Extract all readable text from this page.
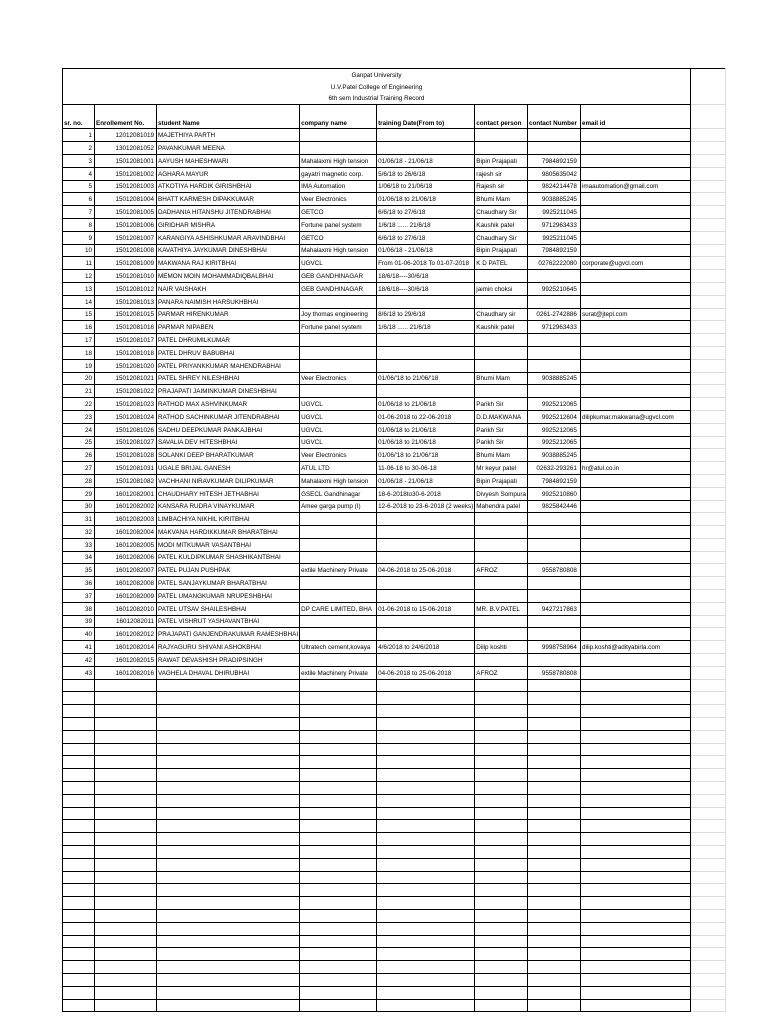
Ganpat University								
U.V.Patel College of Engineering								
6th sem Industrial Training Record								
sr. no.	Enrollement No.	student Name	company name	training Date(From to)	contact person	contact Number	email id	
1	12012081019	MAJETHIYA PARTH						
2	13012081052	PAVANKUMAR MEENA						
3	15012081001	AAYUSH MAHESHWARI	Mahalaxmi High tension	01/06/18 - 21/06/18	Bipin Prajapati	7984892159		
4	15012081002	AGHARA MAYUR	gayatri magnetic corp.	5/6/18 to 26/6/18	rajesh sir	9805635042		
5	15012081003	ATKOTIYA HARDIK GIRISHBHAI	IMA Automation	1/06/18 to 21/06/18	Rajesh sir	9824214478	imaautomation@gmail.com	
6	15012081004	BHATT KARMESH DIPAKKUMAR	Veer Electronics	01/06/18 to 21/06/18	Bhumi Mam	9038885245		
7	15012081005	DADHANIA HITANSHU JITENDRABHAI	GETCO	6/6/18 to 27/6/18	Chaudhary Sir	9925211045		
8	15012081006	GIRIDHAR MISHRA	Fortune panel system	1/6/18 ...... 21/6/18	Kaushik patel	9712963433		
9	15012081007	KARANGIYA ASHISHKUMAR ARAVINDBHAI	GETCO	6/6/18 to 27/6/18	Chaudhary Sir	9925211045		
10	15012081008	KAVATHIYA JAYKUMAR DINESHBHAI	Mahalaxmi High tension	01/06/18 - 21/06/18	Bipin Prajapati	7984892159		
11	15012081009	MAKWANA RAJ KIRITBHAI	UGVCL	From 01-06-2018 To 01-07-2018	K D PATEL	02762222080	corporate@ugvcl.com	
12	15012081010	MEMON MOIN MOHAMMADIQBALBHAI	GEB GANDHINAGAR	18/6/18----30/6/18				
13	15012081012	NAIR VAISHAKH	GEB GANDHINAGAR	18/6/18----30/6/18	jaimin choksi	9925210645		
14	15012081013	PANARA NAIMISH HARSUKHBHAI						
15	15012081015	PARMAR HIRENKUMAR	Joy thomas engineering	8/6/18 to 29/6/18	Chaudhary sir	0261-2742886	surat@jtepl.com	
16	15012081016	PARMAR NIPABEN	Fortune panel system	1/6/18 ...... 21/6/18	Kaushik patel	9712963433		
17	15012081017	PATEL DHRUMILKUMAR						
18	15012081018	PATEL DHRUV BABUBHAI						
19	15012081020	PATEL PRIYANKKUMAR MAHENDRABHAI						
20	15012081021	PATEL SHREY NILESHBHAI	Veer Electronics	01/06/'18 to 21/06/'18	Bhumi Mam	9038885245		
21	15012081022	PRAJAPATI JAIMINKUMAR DINESHBHAI						
22	15012081023	RATHOD MAX ASHVINKUMAR	UGVCL	01/06/18 to 21/06/18	Parikh Sir	9925212065		
23	15012081024	RATHOD SACHINKUMAR JITENDRABHAI	UGVCL	01-06-2018 to 22-06-2018	D.D.MAKWANA	9925212604	dilipkumar.makwana@ugvcl.com	
24	15012081026	SADHU DEEPKUMAR PANKAJBHAI	UGVCL	01/06/18 to 21/06/18	Parikh Sir	9925212065		
25	15012081027	SAVALIA DEV HITESHBHAI	UGVCL	01/06/18 to 21/06/18	Parikh Sir	9925212065		
26	15012081028	SOLANKI DEEP BHARATKUMAR	Veer Electronics	01/06/'18 to 21/06/'18	Bhumi Mam	9038885245		
27	15012081031	UGALE BRIJAL GANESH	ATUL LTD	11-06-18 to 30-06-18	Mr keyur patel	02632-293261	hr@atul.co.in	
28	15012081082	VACHHANI NIRAVKUMAR DILIPKUMAR	Mahalaxmi High tension	01/06/18 - 21/06/18	Bipin Prajapati	7984892159		
29	16012082001	CHAUDHARY HITESH JETHABHAI	GSECL Gandhinagar	18-6-2018to30-6-2018	Divyesh Sompura	9925210860		
30	16012082002	KANSARA RUDRA VINAYKUMAR	Amee garga pump (I)	12-6-2018 to 23-6-2018 (2 weeks)	Mahendra patel	9825842446		
31	16012082003	LIMBACHIYA NIKHIL KIRITBHAI						
32	16012082004	MAKVANA HARDIKKUMAR BHARATBHAI						
33	16012082005	MODI MITKUMAR VASANTBHAI						
34	16012082006	PATEL KULDIPKUMAR SHASHIKANTBHAI						
35	16012082007	PATEL PUJAN PUSHPAK	extile Machinery Private	04-06-2018 to 25-06-2018	AFROZ	9558780808		
36	16012082008	PATEL SANJAYKUMAR BHARATBHAI						
37	16012082009	PATEL UMANGKUMAR NRUPESHBHAI						
38	16012082010	PATEL UTSAV SHAILESHBHAI	DP CARE LIMITED, BHA	01-06-2018 to 15-06-2018	MR. B.V.PATEL	9427217863		
39	16012082011	PATEL VISHRUT YASHAVANTBHAI						
40	16012082012	PRAJAPATI GANJENDRAKUMAR RAMESHBHAI						
41	16012082014	RAJYAGURU SHIVANI ASHOKBHAI	Ultratech cement,kovaya	4/6/2018 to 24/6/2018	Dilip koshti	9998758964	dilip.koshti@adityabirla.com	
42	16012082015	RAWAT DEVASHISH PRADIPSINGH						
43	16012082016	VAGHELA DHAVAL DHIRUBHAI	extile Machinery Private	04-06-2018 to 25-06-2018	AFROZ	9558780808		
